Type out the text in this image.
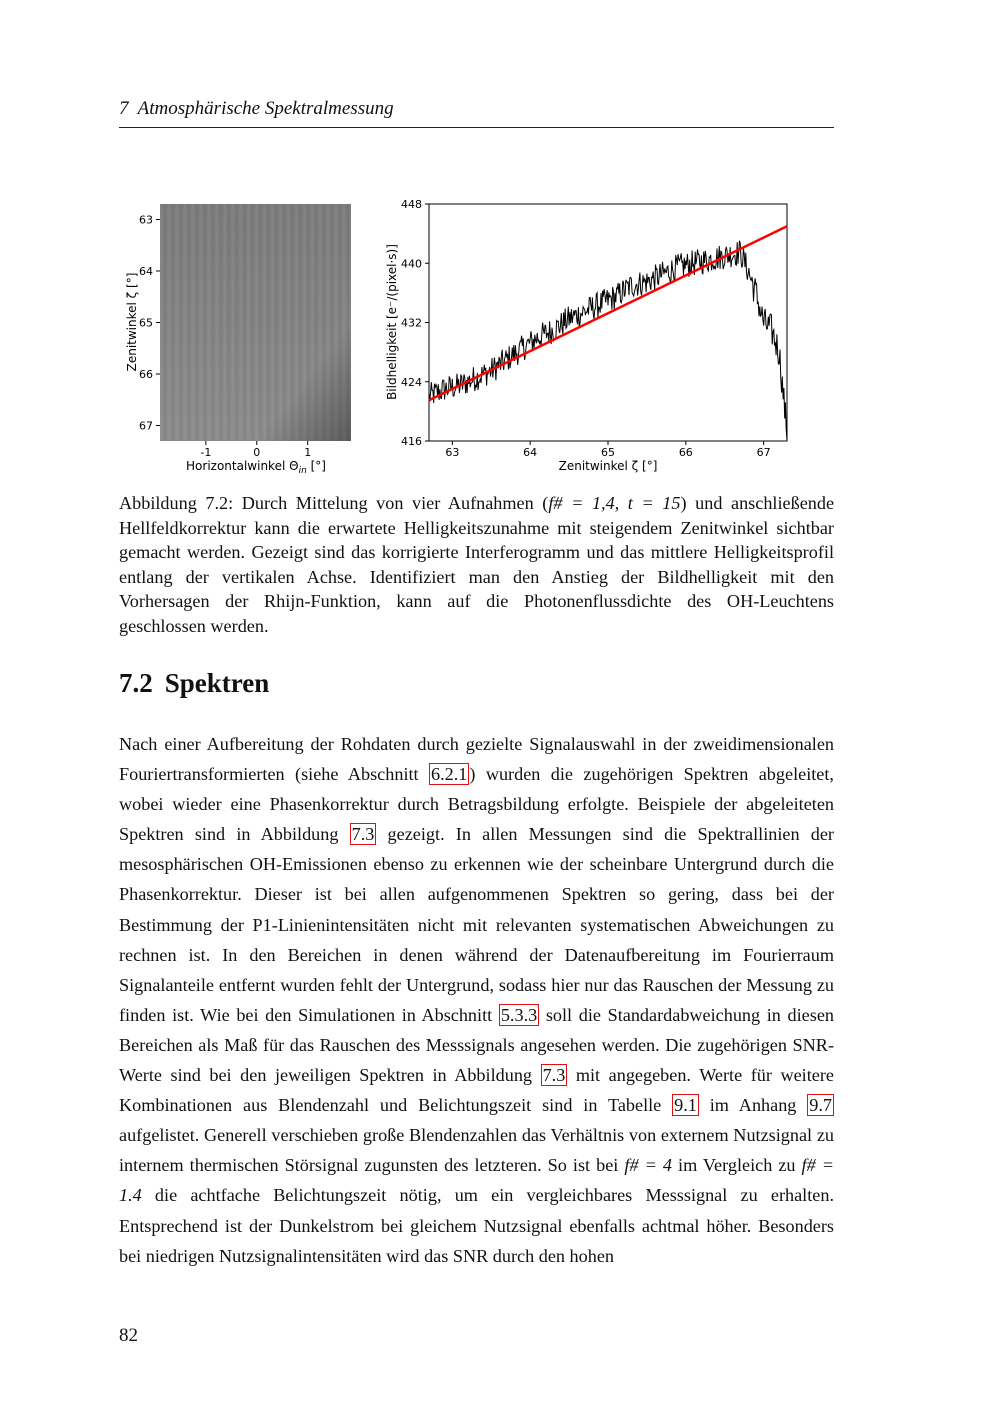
7 Atmosphärische Spektralmessung
63
64
65
66
67
-1	0	1
Horizontalwinkel $\Theta_{in}$ [°]
Zenitwinkel ζ [°]
416
424
432
440
448
63	64	65	66	67
Zenitwinkel ζ [°]
Bildhelligkeit [e⁻/(pixel·s)]
Abbildung 7.2: Durch Mittelung von vier Aufnahmen (f# = 1,4, t = 15) und anschließende Hellfeldkorrektur kann die erwartete Helligkeitszunahme mit steigendem Zenitwinkel sichtbar gemacht werden. Gezeigt sind das korrigierte Interferogramm und das mittlere Helligkeitsprofil entlang der vertikalen Achse. Identifiziert man den Anstieg der Bildhelligkeit mit den Vorhersagen der Rhijn-Funktion, kann auf die Photonenflussdichte des OH-Leuchtens geschlossen werden.
7.2 Spektren
Nach einer Aufbereitung der Rohdaten durch gezielte Signalauswahl in der zweidimensionalen Fouriertransformierten (siehe Abschnitt 6.2.1 ) wurden die zugehörigen Spektren abgeleitet, wobei wieder eine Phasenkorrektur durch Betragsbildung erfolgte. Beispiele der abgeleiteten Spektren sind in Abbildung 7.3 gezeigt. In allen Messungen sind die Spektrallinien der mesosphärischen OH-Emissionen ebenso zu erkennen wie der scheinbare Untergrund durch die Phasenkorrektur. Dieser ist bei allen aufgenommenen Spektren so gering, dass bei der Bestimmung der P1-Linienintensitäten nicht mit relevanten systematischen Abweichungen zu rechnen ist. In den Bereichen in denen während der Datenaufbereitung im Fourierraum Signalanteile entfernt wurden fehlt der Untergrund, sodass hier nur das Rauschen der Messung zu finden ist. Wie bei den Simulationen in Abschnitt 5.3.3 soll die Standardabweichung in diesen Bereichen als Maß für das Rauschen des Messsignals angesehen werden. Die zugehörigen SNR-Werte sind bei den jeweiligen Spektren in Abbildung 7.3 mit angegeben. Werte für weitere Kombinationen aus Blendenzahl und Belichtungszeit sind in Tabelle 9.1 im Anhang 9.7 aufgelistet. Generell verschieben große Blendenzahlen das Verhältnis von externem Nutzsignal zu internem thermischen Störsignal zugunsten des letzteren. So ist bei f# = 4 im Vergleich zu f# = 1.4 die achtfache Belichtungszeit nötig, um ein vergleichbares Messsignal zu erhalten. Entsprechend ist der Dunkelstrom bei gleichem Nutzsignal ebenfalls achtmal höher. Besonders bei niedrigen Nutzsignalintensitäten wird das SNR durch den hohen
82
